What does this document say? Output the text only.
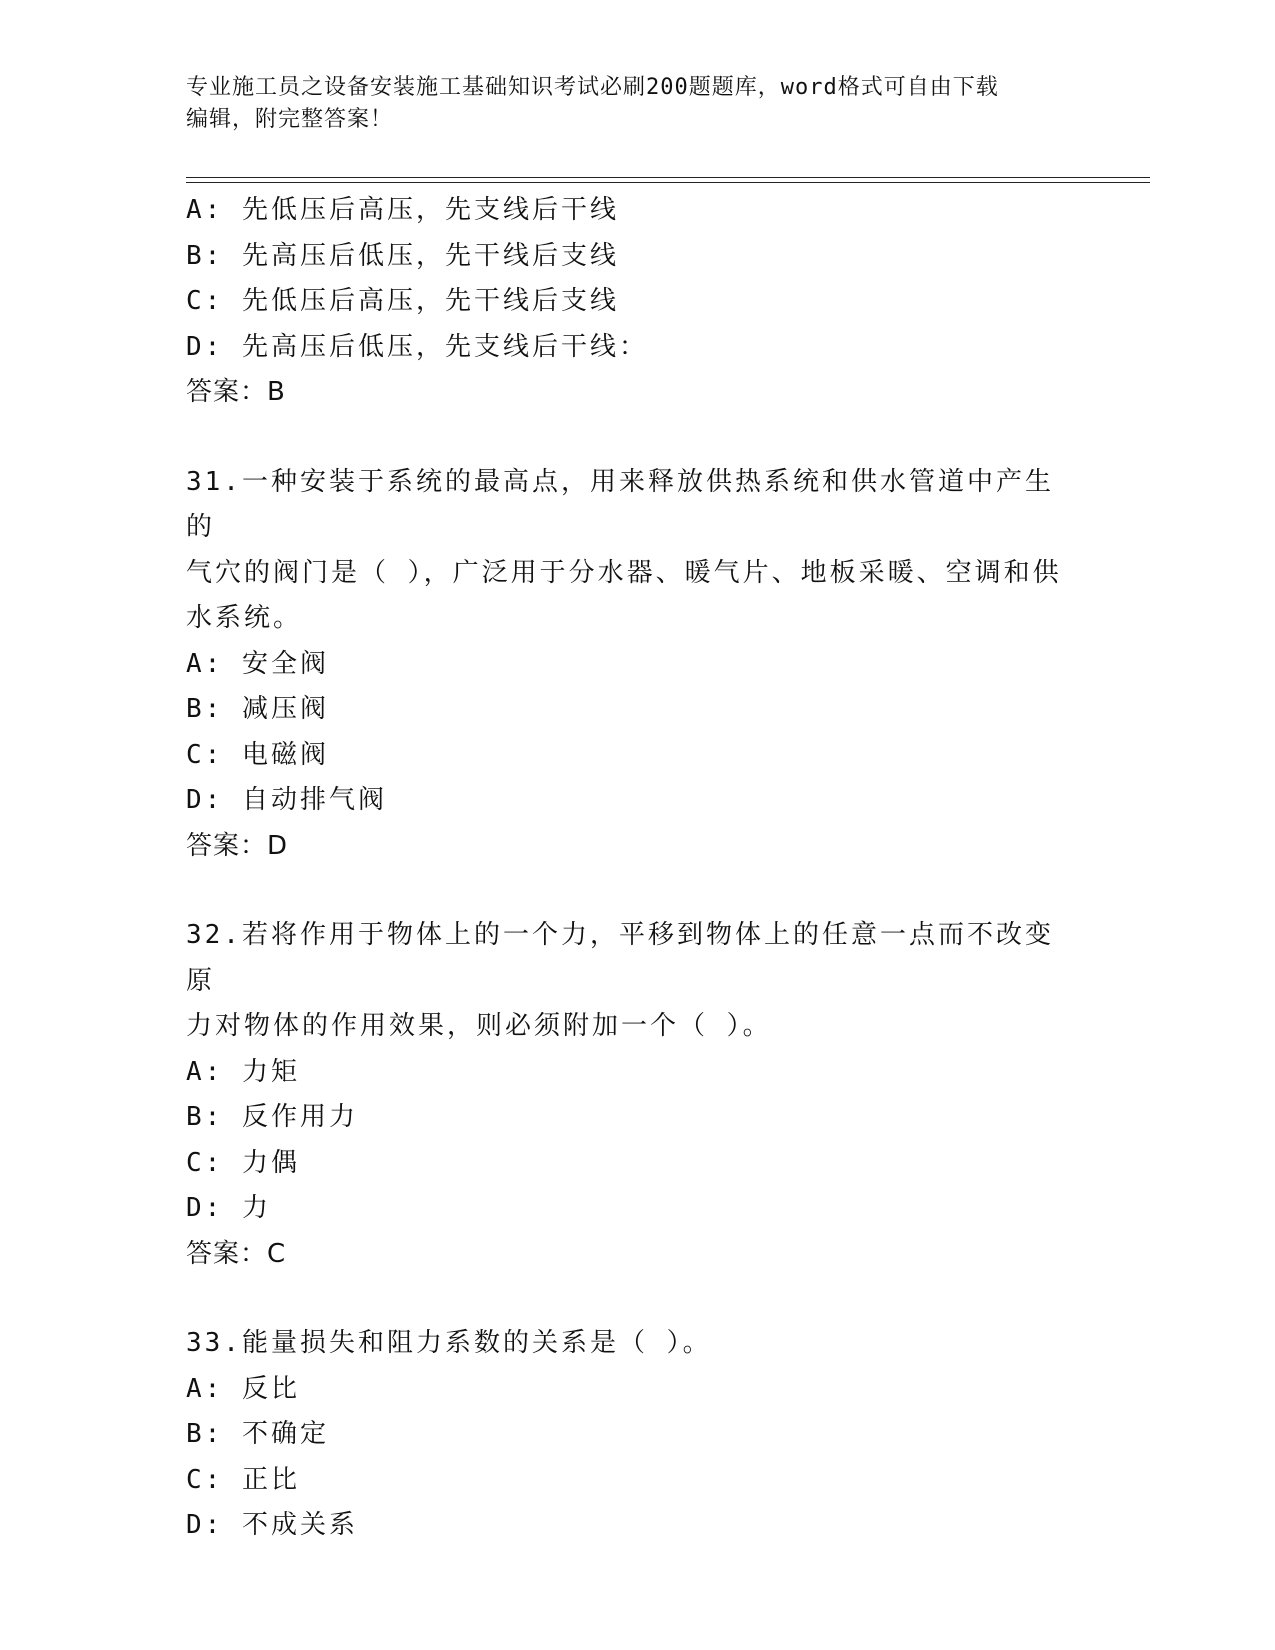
专业施工员之设备安装施工基础知识考试必刷200题题库，word格式可自由下载
编辑，附完整答案！
A: 先低压后高压，先支线后干线
B: 先高压后低压，先干线后支线
C: 先低压后高压，先干线后支线
D: 先高压后低压，先支线后干线：
答案：B
31.一种安装于系统的最高点，用来释放供热系统和供水管道中产生的
气穴的阀门是（ ），广泛用于分水器、暖气片、地板采暖、空调和供
水系统。
A: 安全阀
B: 减压阀
C: 电磁阀
D: 自动排气阀
答案：D
32.若将作用于物体上的一个力，平移到物体上的任意一点而不改变原
力对物体的作用效果，则必须附加一个（ ）。
A: 力矩
B: 反作用力
C: 力偶
D: 力
答案：C
33.能量损失和阻力系数的关系是（ ）。
A: 反比
B: 不确定
C: 正比
D: 不成关系
